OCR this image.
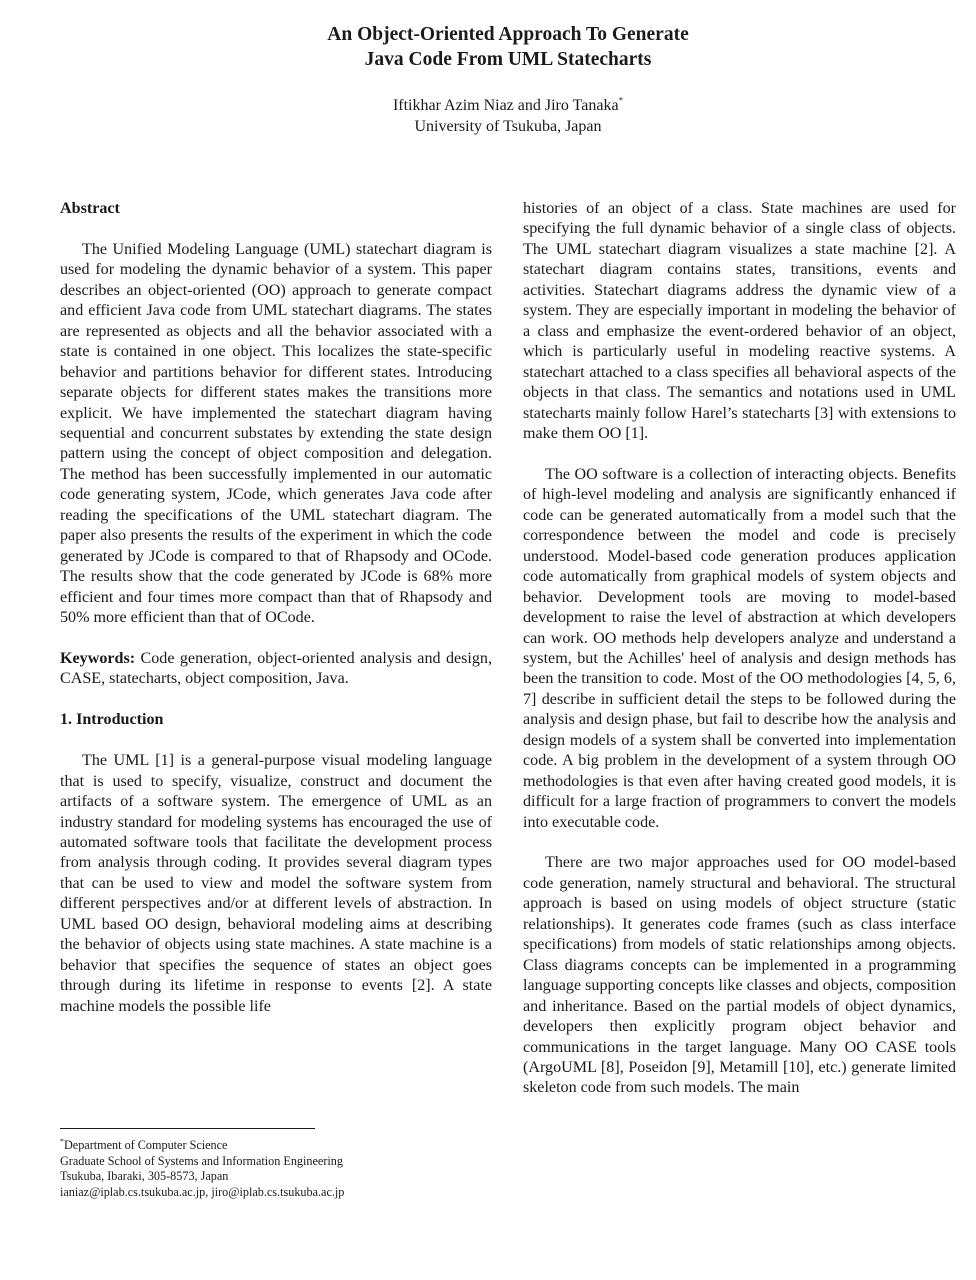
An Object-Oriented Approach To Generate
Java Code From UML Statecharts
Iftikhar Azim Niaz and Jiro Tanaka*
University of Tsukuba, Japan

Abstract

The Unified Modeling Language (UML) statechart diagram is used for modeling the dynamic behavior of a system. This paper describes an object-oriented (OO) approach to generate compact and efficient Java code from UML statechart diagrams. The states are represented as objects and all the behavior associated with a state is contained in one object. This localizes the state-specific behavior and partitions behavior for different states. Introducing separate objects for different states makes the transitions more explicit. We have implemented the statechart diagram having sequential and concurrent substates by extending the state design pattern using the concept of object composition and delegation. The method has been successfully implemented in our automatic code generating system, JCode, which generates Java code after reading the specifications of the UML statechart diagram. The paper also presents the results of the experiment in which the code generated by JCode is compared to that of Rhapsody and OCode. The results show that the code generated by JCode is 68% more efficient and four times more compact than that of Rhapsody and 50% more efficient than that of OCode.

Keywords: Code generation, object-oriented analysis and design, CASE, statecharts, object composition, Java.

1. Introduction

The UML [1] is a general-purpose visual modeling language that is used to specify, visualize, construct and document the artifacts of a software system. The emergence of UML as an industry standard for modeling systems has encouraged the use of automated software tools that facilitate the development process from analysis through coding. It provides several diagram types that can be used to view and model the software system from different perspectives and/or at different levels of abstraction. In UML based OO design, behavioral modeling aims at describing the behavior of objects using state machines. A state machine is a behavior that specifies the sequence of states an object goes through during its lifetime in response to events [2]. A state machine models the possible life

histories of an object of a class. State machines are used for specifying the full dynamic behavior of a single class of objects. The UML statechart diagram visualizes a state machine [2]. A statechart diagram contains states, transitions, events and activities. Statechart diagrams address the dynamic view of a system. They are especially important in modeling the behavior of a class and emphasize the event-ordered behavior of an object, which is particularly useful in modeling reactive systems. A statechart attached to a class specifies all behavioral aspects of the objects in that class. The semantics and notations used in UML statecharts mainly follow Harel’s statecharts [3] with extensions to make them OO [1].

The OO software is a collection of interacting objects. Benefits of high-level modeling and analysis are significantly enhanced if code can be generated automatically from a model such that the correspondence between the model and code is precisely understood. Model-based code generation produces application code automatically from graphical models of system objects and behavior. Development tools are moving to model-based development to raise the level of abstraction at which developers can work. OO methods help developers analyze and understand a system, but the Achilles' heel of analysis and design methods has been the transition to code. Most of the OO methodologies [4, 5, 6, 7] describe in sufficient detail the steps to be followed during the analysis and design phase, but fail to describe how the analysis and design models of a system shall be converted into implementation code. A big problem in the development of a system through OO methodologies is that even after having created good models, it is difficult for a large fraction of programmers to convert the models into executable code.

There are two major approaches used for OO model-based code generation, namely structural and behavioral. The structural approach is based on using models of object structure (static relationships). It generates code frames (such as class interface specifications) from models of static relationships among objects. Class diagrams concepts can be implemented in a programming language supporting concepts like classes and objects, composition and inheritance. Based on the partial models of object dynamics, developers then explicitly program object behavior and communications in the target language. Many OO CASE tools (ArgoUML [8], Poseidon [9], Metamill [10], etc.) generate limited skeleton code from such models. The main

*Department of Computer Science
Graduate School of Systems and Information Engineering
Tsukuba, Ibaraki, 305-8573, Japan
ianiaz@iplab.cs.tsukuba.ac.jp, jiro@iplab.cs.tsukuba.ac.jp
